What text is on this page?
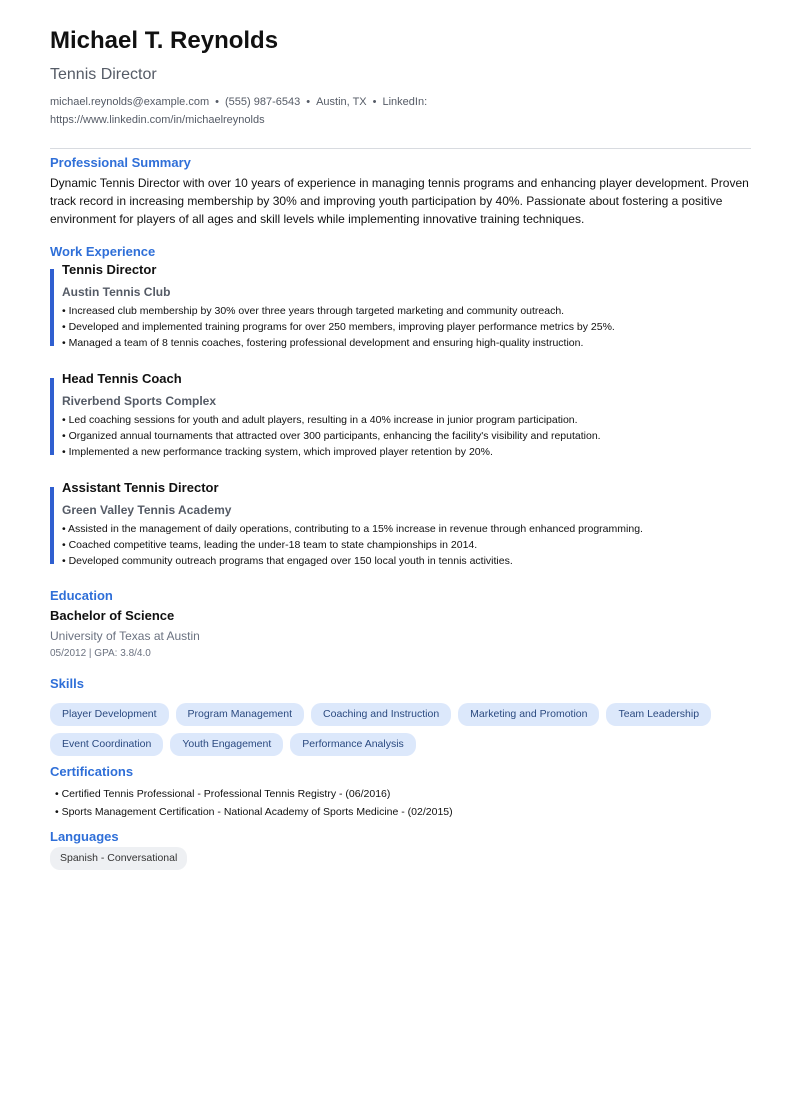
Michael T. Reynolds
Tennis Director
michael.reynolds@example.com • (555) 987-6543 • Austin, TX • LinkedIn:
https://www.linkedin.com/in/michaelreynolds
Professional Summary
Dynamic Tennis Director with over 10 years of experience in managing tennis programs and enhancing player development. Proven track record in increasing membership by 30% and improving youth participation by 40%. Passionate about fostering a positive environment for players of all ages and skill levels while implementing innovative training techniques.
Work Experience
Tennis Director
Austin Tennis Club
• Increased club membership by 30% over three years through targeted marketing and community outreach.
• Developed and implemented training programs for over 250 members, improving player performance metrics by 25%.
• Managed a team of 8 tennis coaches, fostering professional development and ensuring high-quality instruction.
Head Tennis Coach
Riverbend Sports Complex
• Led coaching sessions for youth and adult players, resulting in a 40% increase in junior program participation.
• Organized annual tournaments that attracted over 300 participants, enhancing the facility's visibility and reputation.
• Implemented a new performance tracking system, which improved player retention by 20%.
Assistant Tennis Director
Green Valley Tennis Academy
• Assisted in the management of daily operations, contributing to a 15% increase in revenue through enhanced programming.
• Coached competitive teams, leading the under-18 team to state championships in 2014.
• Developed community outreach programs that engaged over 150 local youth in tennis activities.
Education
Bachelor of Science
University of Texas at Austin
05/2012 | GPA: 3.8/4.0
Skills
Player Development	Program Management	Coaching and Instruction	Marketing and Promotion	Team Leadership
Event Coordination	Youth Engagement	Performance Analysis
Certifications
• Certified Tennis Professional - Professional Tennis Registry - (06/2016)
• Sports Management Certification - National Academy of Sports Medicine - (02/2015)
Languages
Spanish - Conversational
